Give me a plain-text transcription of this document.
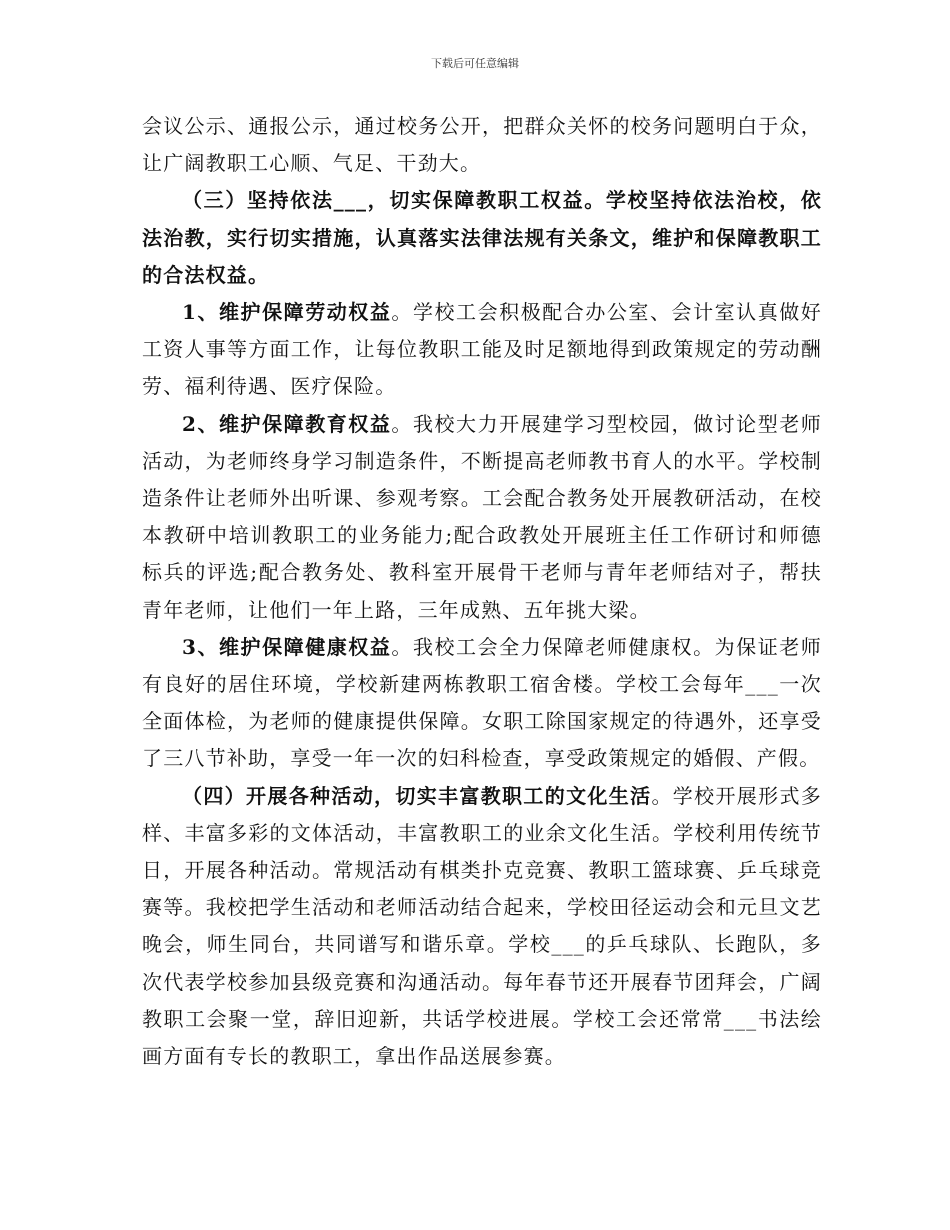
下载后可任意编辑

会议公示、通报公示，通过校务公开，把群众关怀的校务问题明白于众，让广阔教职工心顺、气足、干劲大。

（三）坚持依法___，切实保障教职工权益。学校坚持依法治校，依法治教，实行切实措施，认真落实法律法规有关条文，维护和保障教职工的合法权益。

1、维护保障劳动权益。学校工会积极配合办公室、会计室认真做好工资人事等方面工作，让每位教职工能及时足额地得到政策规定的劳动酬劳、福利待遇、医疗保险。

2、维护保障教育权益。我校大力开展建学习型校园，做讨论型老师活动，为老师终身学习制造条件，不断提高老师教书育人的水平。学校制造条件让老师外出听课、参观考察。工会配合教务处开展教研活动，在校本教研中培训教职工的业务能力;配合政教处开展班主任工作研讨和师德标兵的评选;配合教务处、教科室开展骨干老师与青年老师结对子，帮扶青年老师，让他们一年上路，三年成熟、五年挑大梁。

3、维护保障健康权益。我校工会全力保障老师健康权。为保证老师有良好的居住环境，学校新建两栋教职工宿舍楼。学校工会每年___一次全面体检，为老师的健康提供保障。女职工除国家规定的待遇外，还享受了三八节补助，享受一年一次的妇科检查，享受政策规定的婚假、产假。

（四）开展各种活动，切实丰富教职工的文化生活。学校开展形式多样、丰富多彩的文体活动，丰富教职工的业余文化生活。学校利用传统节日，开展各种活动。常规活动有棋类扑克竞赛、教职工篮球赛、乒乓球竞赛等。我校把学生活动和老师活动结合起来，学校田径运动会和元旦文艺晚会，师生同台，共同谱写和谐乐章。学校___的乒乓球队、长跑队，多次代表学校参加县级竞赛和沟通活动。每年春节还开展春节团拜会，广阔教职工会聚一堂，辞旧迎新，共话学校进展。学校工会还常常___书法绘画方面有专长的教职工，拿出作品送展参赛。
